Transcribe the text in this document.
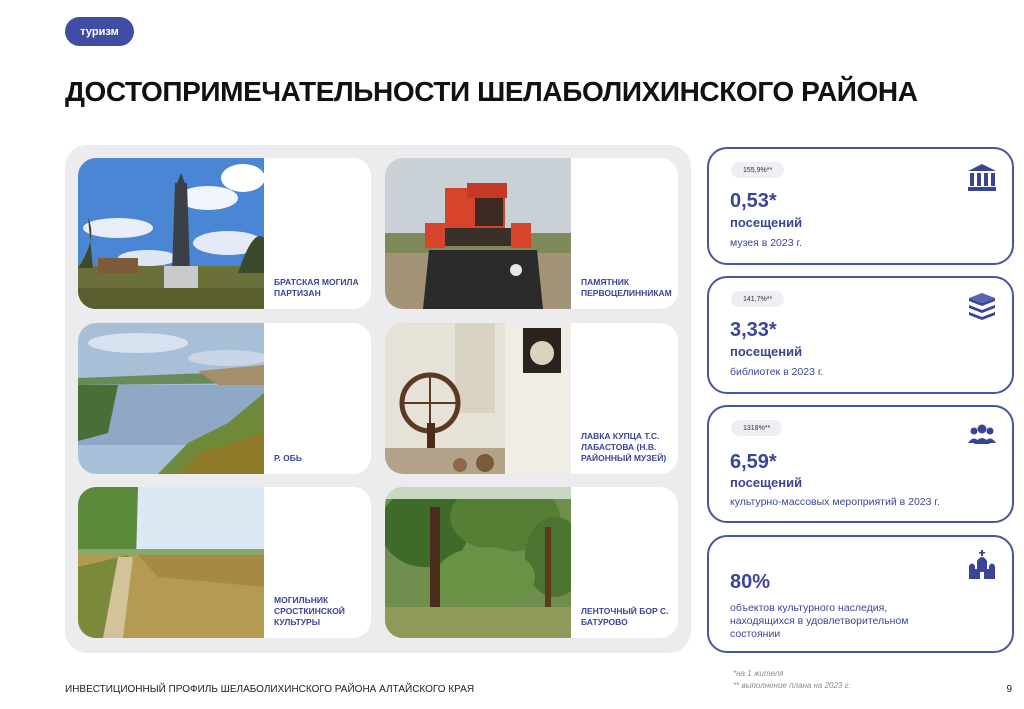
туризм
ДОСТОПРИМЕЧАТЕЛЬНОСТИ ШЕЛАБОЛИХИНСКОГО РАЙОНА
БРАТСКАЯ МОГИЛА ПАРТИЗАН
ПАМЯТНИК ПЕРВОЦЕЛИННИКАМ
Р. ОБЬ
ЛАВКА КУПЦА Т.С. ЛАБАСТОВА (Н.В. РАЙОННЫЙ МУЗЕЙ)
МОГИЛЬНИК СРОСТКИНСКОЙ КУЛЬТУРЫ
ЛЕНТОЧНЫЙ БОР С. БАТУРОВО
155,9%**
0,53*
посещений
музея в 2023 г.
141,7%**
3,33*
посещений
библиотек в 2023 г.
1318%**
6,59*
посещений
культурно-массовых мероприятий в 2023 г.
80%
объектов культурного наследия, находящихся в удовлетворительном состоянии
*на 1 жителя
** выполнение плана на 2023 г.
ИНВЕСТИЦИОННЫЙ ПРОФИЛЬ ШЕЛАБОЛИХИНСКОГО РАЙОНА АЛТАЙСКОГО КРАЯ	9
